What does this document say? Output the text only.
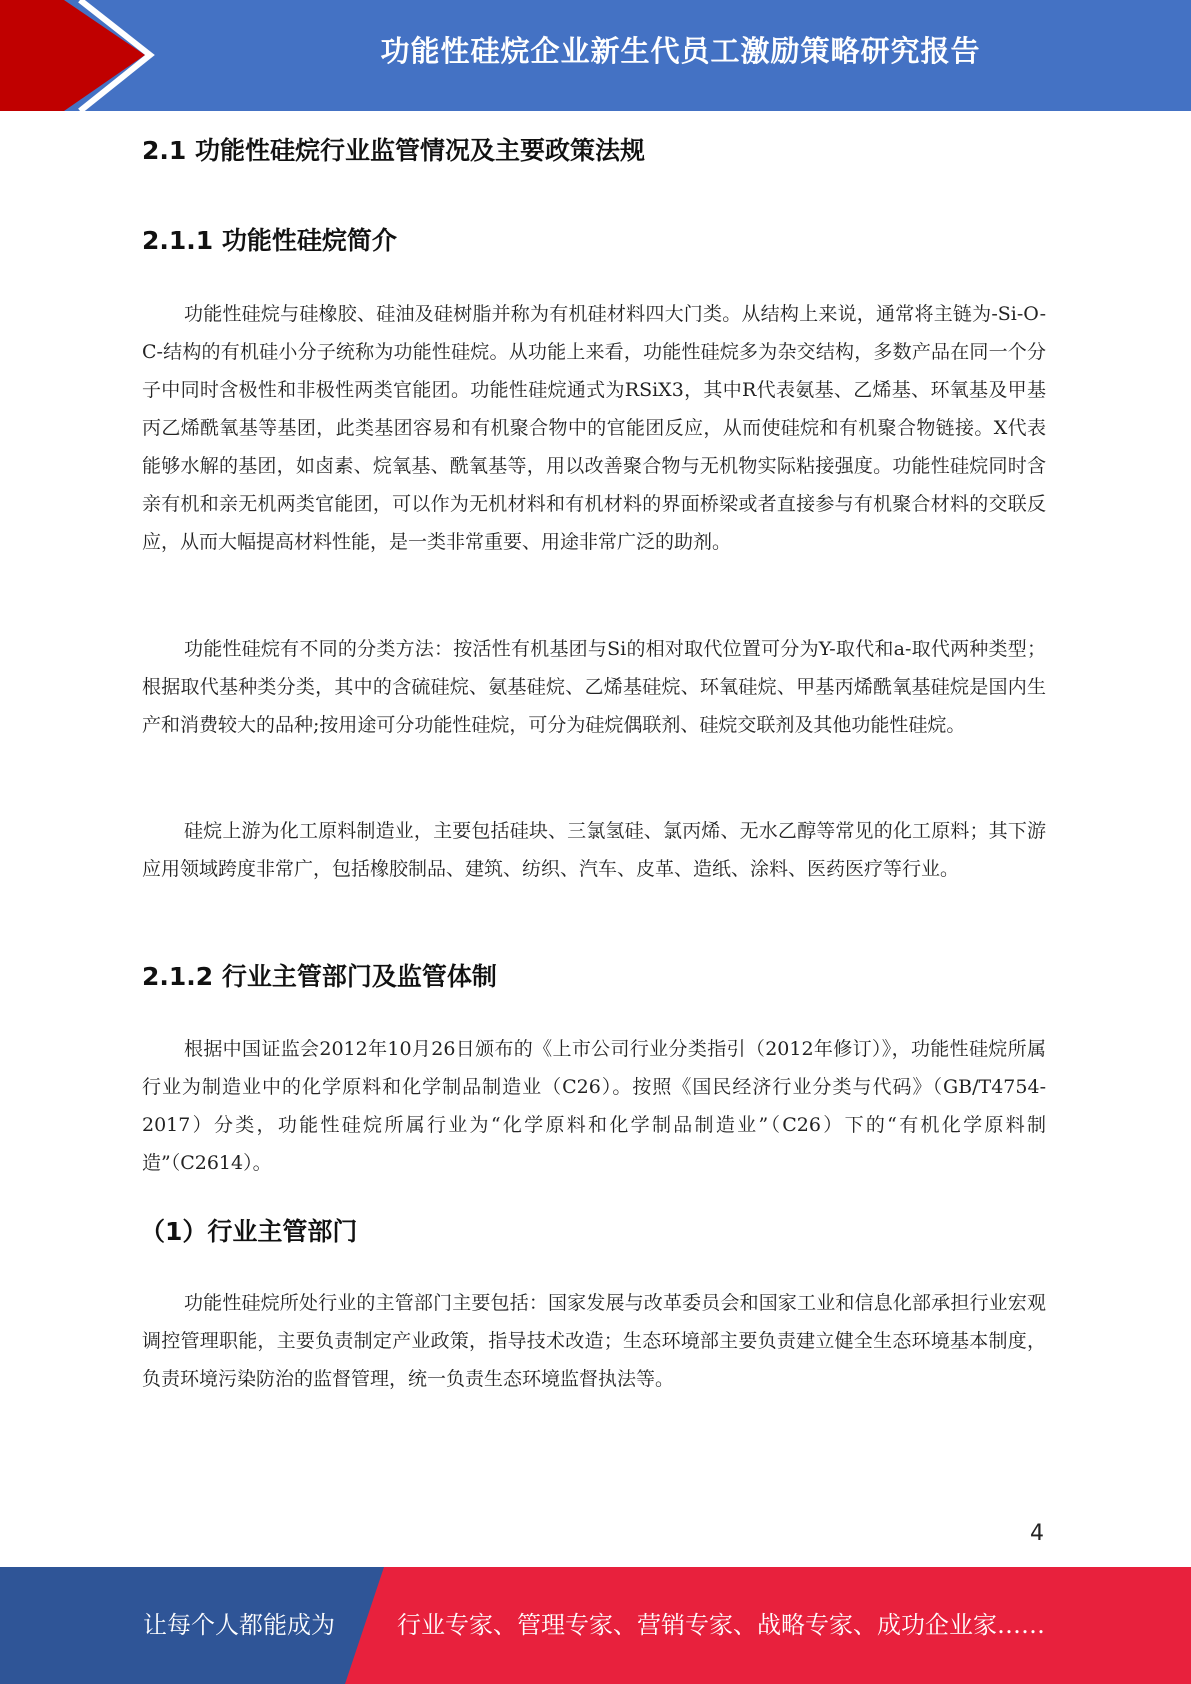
功能性硅烷企业新生代员工激励策略研究报告
2.1 功能性硅烷行业监管情况及主要政策法规
2.1.1 功能性硅烷简介

功能性硅烷与硅橡胶、硅油及硅树脂并称为有机硅材料四大门类。从结构上来说，通常将主链为-Si-O-C-结构的有机硅小分子统称为功能性硅烷。从功能上来看，功能性硅烷多为杂交结构，多数产品在同一个分子中同时含极性和非极性两类官能团。功能性硅烷通式为RSiX3，其中R代表氨基、乙烯基、环氧基及甲基丙乙烯酰氧基等基团，此类基团容易和有机聚合物中的官能团反应，从而使硅烷和有机聚合物链接。X代表能够水解的基团，如卤素、烷氧基、酰氧基等，用以改善聚合物与无机物实际粘接强度。功能性硅烷同时含亲有机和亲无机两类官能团，可以作为无机材料和有机材料的界面桥梁或者直接参与有机聚合材料的交联反应，从而大幅提高材料性能，是一类非常重要、用途非常广泛的助剂。

功能性硅烷有不同的分类方法：按活性有机基团与Si的相对取代位置可分为Y-取代和a-取代两种类型；根据取代基种类分类，其中的含硫硅烷、氨基硅烷、乙烯基硅烷、环氧硅烷、甲基丙烯酰氧基硅烷是国内生产和消费较大的品种;按用途可分功能性硅烷，可分为硅烷偶联剂、硅烷交联剂及其他功能性硅烷。

硅烷上游为化工原料制造业，主要包括硅块、三氯氢硅、氯丙烯、无水乙醇等常见的化工原料；其下游应用领域跨度非常广，包括橡胶制品、建筑、纺织、汽车、皮革、造纸、涂料、医药医疗等行业。

2.1.2 行业主管部门及监管体制

根据中国证监会2012年10月26日颁布的《上市公司行业分类指引（2012年修订）》，功能性硅烷所属行业为制造业中的化学原料和化学制品制造业（C26）。按照《国民经济行业分类与代码》（GB/T4754-2017）分类，功能性硅烷所属行业为“化学原料和化学制品制造业”（C26）下的“有机化学原料制造”（C2614）。

（1）行业主管部门

功能性硅烷所处行业的主管部门主要包括：国家发展与改革委员会和国家工业和信息化部承担行业宏观调控管理职能，主要负责制定产业政策，指导技术改造；生态环境部主要负责建立健全生态环境基本制度，负责环境污染防治的监督管理，统一负责生态环境监督执法等。

4
让每个人都能成为	行业专家、管理专家、营销专家、战略专家、成功企业家……
